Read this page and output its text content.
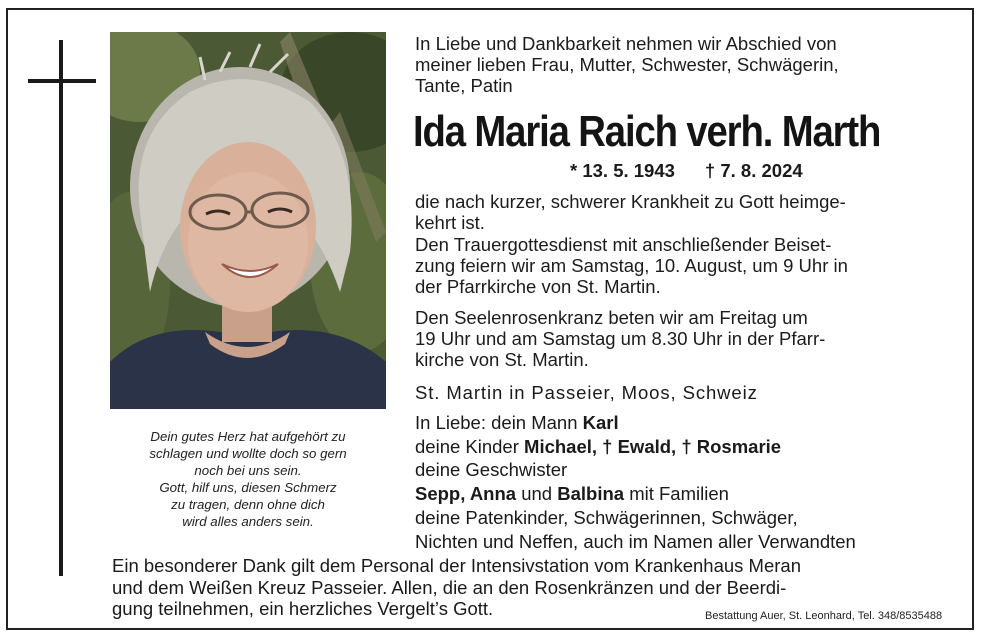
Dein gutes Herz hat aufgehört zu
schlagen und wollte doch so gern
noch bei uns sein.
Gott, hilf uns, diesen Schmerz
zu tragen, denn ohne dich
wird alles anders sein.
In Liebe und Dankbarkeit nehmen wir Abschied von
meiner lieben Frau, Mutter, Schwester, Schwägerin,
Tante, Patin
Ida Maria Raich verh. Marth
* 13. 5. 1943 † 7. 8. 2024
die nach kurzer, schwerer Krankheit zu Gott heimge-
kehrt ist.
Den Trauergottesdienst mit anschließender Beiset-
zung feiern wir am Samstag, 10. August, um 9 Uhr in
der Pfarrkirche von St. Martin.
Den Seelenrosenkranz beten wir am Freitag um
19 Uhr und am Samstag um 8.30 Uhr in der Pfarr-
kirche von St. Martin.
St. Martin in Passeier, Moos, Schweiz
In Liebe: dein Mann Karl
deine Kinder Michael, † Ewald, † Rosmarie
deine Geschwister
Sepp, Anna und Balbina mit Familien
deine Patenkinder, Schwägerinnen, Schwäger,
Nichten und Neffen, auch im Namen aller Verwandten
Ein besonderer Dank gilt dem Personal der Intensivstation vom Krankenhaus Meran
und dem Weißen Kreuz Passeier. Allen, die an den Rosenkränzen und der Beerdi-
gung teilnehmen, ein herzliches Vergelt’s Gott.	Bestattung Auer, St. Leonhard, Tel. 348/8535488
